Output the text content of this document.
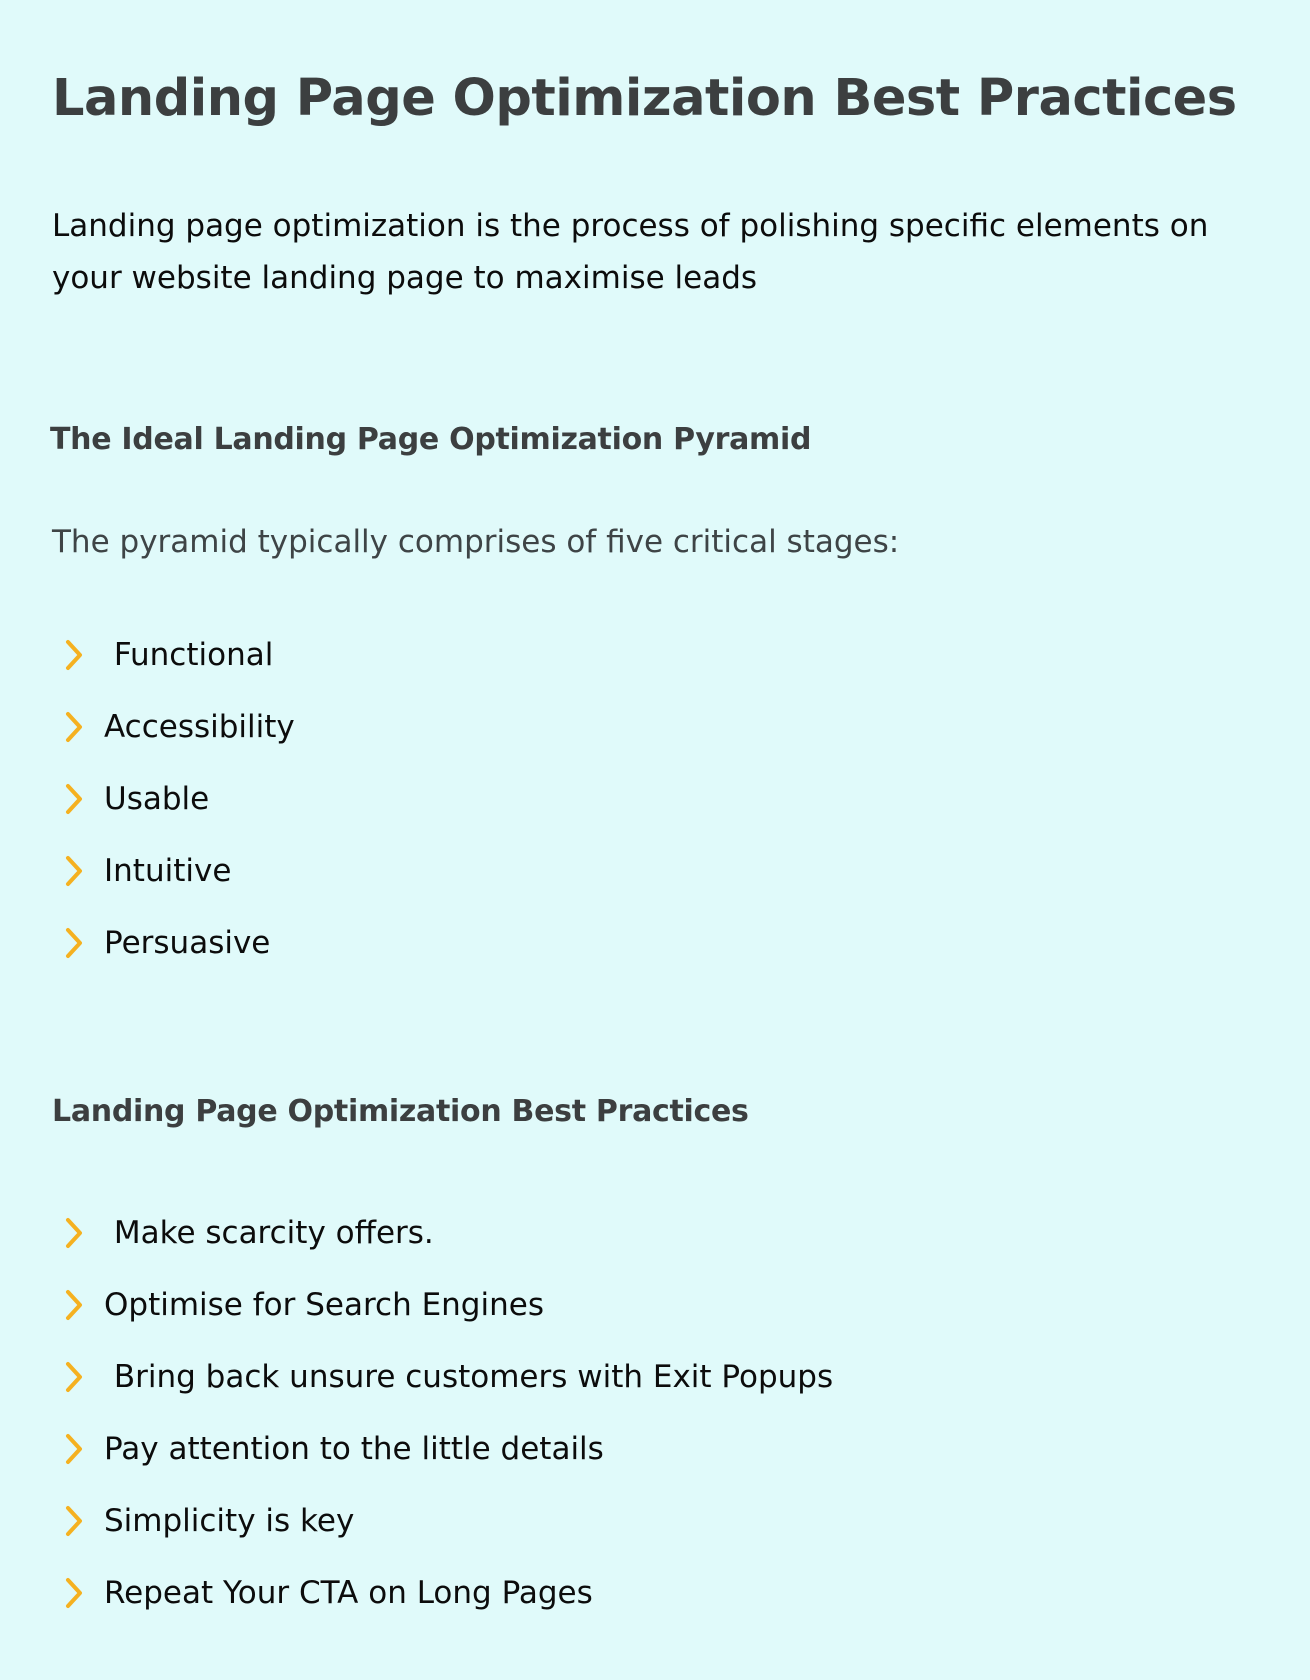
Landing Page Optimization Best Practices

Landing page optimization is the process of polishing specific elements on your website landing page to maximise leads

The Ideal Landing Page Optimization Pyramid

The pyramid typically comprises of five critical stages:

Functional
Accessibility
Usable
Intuitive
Persuasive
Landing Page Optimization Best Practices
Make scarcity offers.
Optimise for Search Engines
Bring back unsure customers with Exit Popups
Pay attention to the little details
Simplicity is key
Repeat Your CTA on Long Pages
